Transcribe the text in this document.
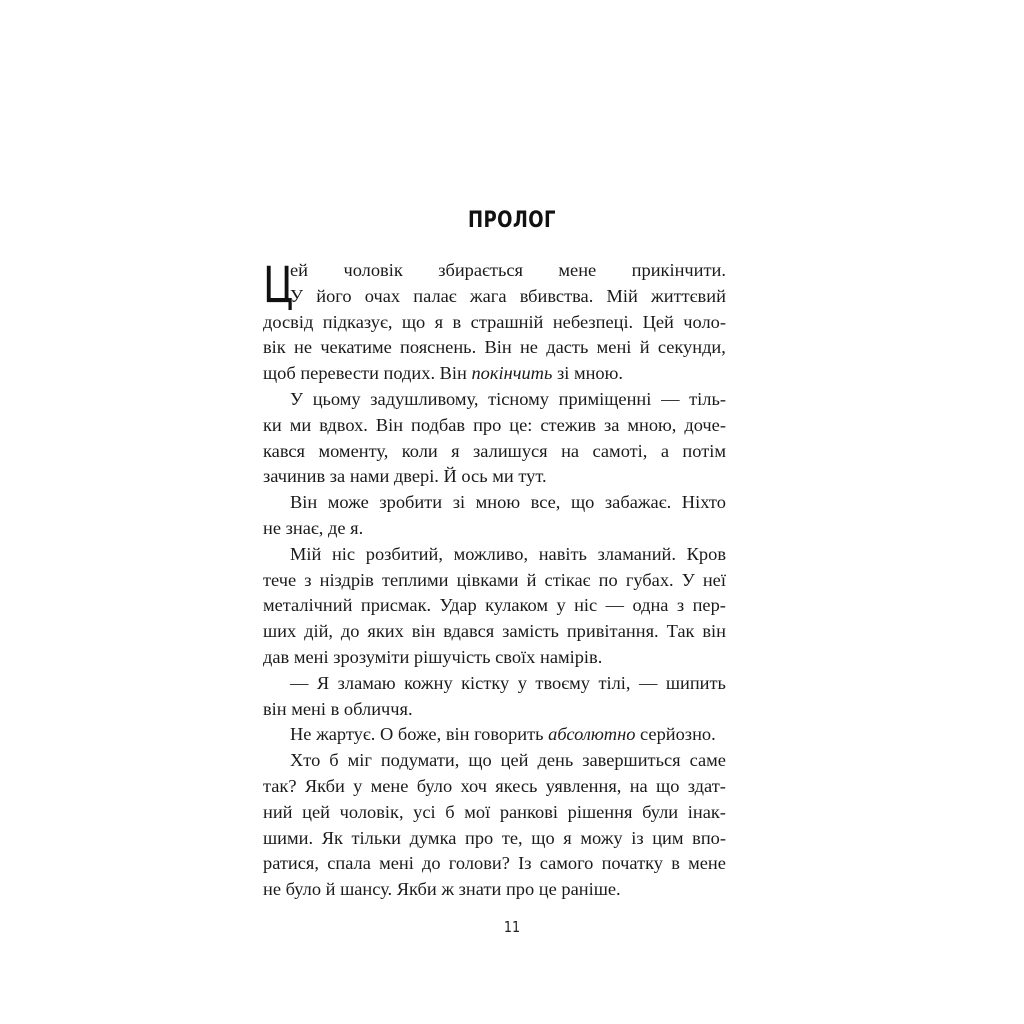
ПРОЛОГ
Ц
ей чоловік збирається мене прикінчити.
У його очах палає жага вбивства. Мій життєвий
досвід підказує, що я в страшній небезпеці. Цей чоло-
вік не чекатиме пояснень. Він не дасть мені й секунди,
щоб
перевести
подих.
Він
покінчить
зі
мною.
У цьому задушливому, тісному приміщенні — тіль-
ки ми вдвох. Він подбав про це: стежив за мною, доче-
кався моменту, коли я залишуся на самоті, а потім
зачинив
за
нами
двері.
Й
ось
ми
тут.
Він може зробити зі мною все, що забажає. Ніхто
не
знає,
де
я.
Мій ніс розбитий, можливо, навіть зламаний. Кров
тече з ніздрів теплими цівками й стікає по губах. У неї
металічний присмак. Удар кулаком у ніс — одна з пер-
ших дій, до яких він вдався замість привітання. Так він
дав
мені
зрозуміти
рішучість
своїх
намірів.
— Я зламаю кожну кістку у твоєму тілі, — шипить
він
мені
в
обличчя.
Не
жартує.
О
боже,
він
говорить
абсолютно
серйозно.
Хто б міг подумати, що цей день завершиться саме
так? Якби у мене було хоч якесь уявлення, на що здат-
ний цей чоловік, усі б мої ранкові рішення були інак-
шими. Як тільки думка про те, що я можу із цим впо-
ратися, спала мені до голови? Із самого початку в мене
не
було
й
шансу.
Якби
ж
знати
про
це
раніше.
11
